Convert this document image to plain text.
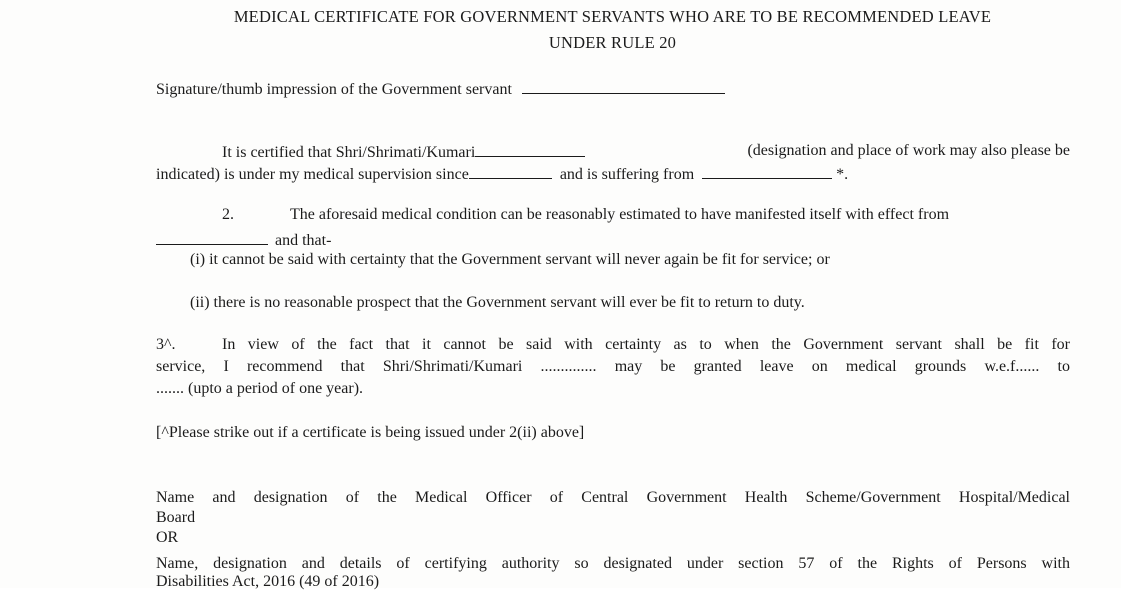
MEDICAL CERTIFICATE FOR GOVERNMENT SERVANTS WHO ARE TO BE RECOMMENDED LEAVE
UNDER RULE 20
Signature/thumb impression of the Government servant
It is certified that Shri/Shrimati/Kumari	(designation and place of work may also please be
indicated) is under my medical supervision since	and is suffering from	*.
2.	The aforesaid medical condition can be reasonably estimated to have manifested itself with effect from
and that-
(i) it cannot be said with certainty that the Government servant will never again be fit for service; or
(ii) there is no reasonable prospect that the Government servant will ever be fit to return to duty.
3^.	In view of the fact that it cannot be said with certainty as to when the Government servant shall be fit for
service, I recommend that Shri/Shrimati/Kumari .............. may be granted leave on medical grounds w.e.f...... to
....... (upto a period of one year).
[^Please strike out if a certificate is being issued under 2(ii) above]
Name and designation of the Medical Officer of Central Government Health Scheme/Government Hospital/Medical
Board
OR
Name, designation and details of certifying authority so designated under section 57 of the Rights of Persons with
Disabilities Act, 2016 (49 of 2016)
